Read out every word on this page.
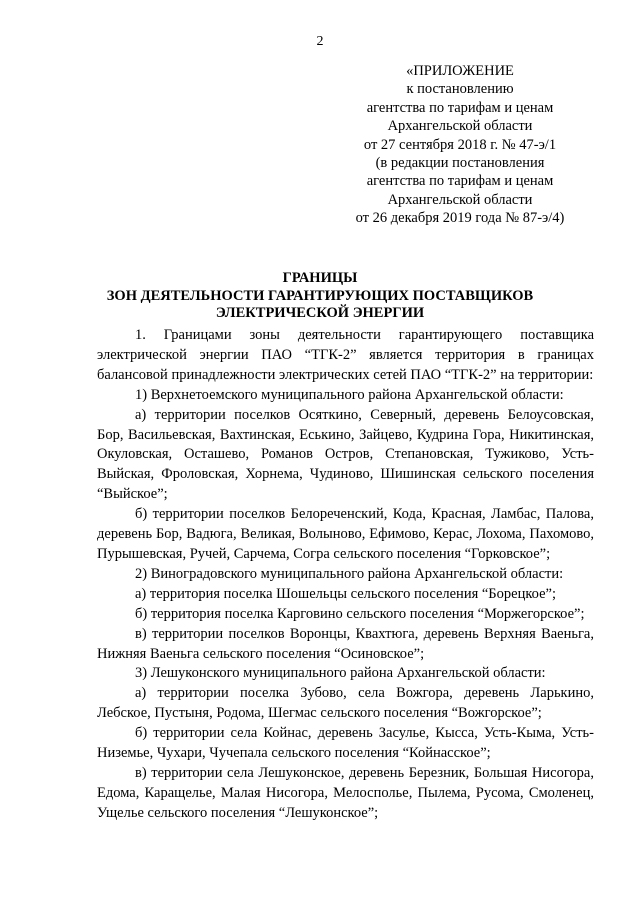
2
«ПРИЛОЖЕНИЕ
к постановлению
агентства по тарифам и ценам
Архангельской области
от 27 сентября 2018 г. № 47-э/1
(в редакции постановления
агентства по тарифам и ценам
Архангельской области
от 26 декабря 2019 года № 87-э/4)
ГРАНИЦЫ
ЗОН ДЕЯТЕЛЬНОСТИ ГАРАНТИРУЮЩИХ ПОСТАВЩИКОВ
ЭЛЕКТРИЧЕСКОЙ ЭНЕРГИИ

1. Границами зоны деятельности гарантирующего поставщика электрической энергии ПАО “ТГК-2” является территория в границах балансовой принадлежности электрических сетей ПАО “ТГК-2” на территории:

1) Верхнетоемского муниципального района Архангельской области:

а) территории поселков Осяткино, Северный, деревень Белоусовская, Бор, Васильевская, Вахтинская, Еськино, Зайцево, Кудрина Гора, Никитинская, Окуловская, Осташево, Романов Остров, Степановская, Тужиково, Усть-Выйская, Фроловская, Хорнема, Чудиново, Шишинская сельского поселения “Выйское”;

б) территории поселков Белореченский, Кода, Красная, Ламбас, Палова, деревень Бор, Вадюга, Великая, Волыново, Ефимово, Керас, Лохома, Пахомово, Пурышевская, Ручей, Сарчема, Согра сельского поселения “Горковское”;

2) Виноградовского муниципального района Архангельской области:

а) территория поселка Шошельцы сельского поселения “Борецкое”;

б) территория поселка Карговино сельского поселения “Моржегорское”;

в) территории поселков Воронцы, Квахтюга, деревень Верхняя Ваеньга, Нижняя Ваеньга сельского поселения “Осиновское”;

3) Лешуконского муниципального района Архангельской области:

а) территории поселка Зубово, села Вожгора, деревень Ларькино, Лебское, Пустыня, Родома, Шегмас сельского поселения “Вожгорское”;

б) территории села Койнас, деревень Засулье, Кысса, Усть-Кыма, Усть-Низемье, Чухари, Чучепала сельского поселения “Койнасское”;

в) территории села Лешуконское, деревень Березник, Большая Нисогора, Едома, Каращелье, Малая Нисогора, Мелосполье, Пылема, Русома, Смоленец, Ущелье сельского поселения “Лешуконское”;
